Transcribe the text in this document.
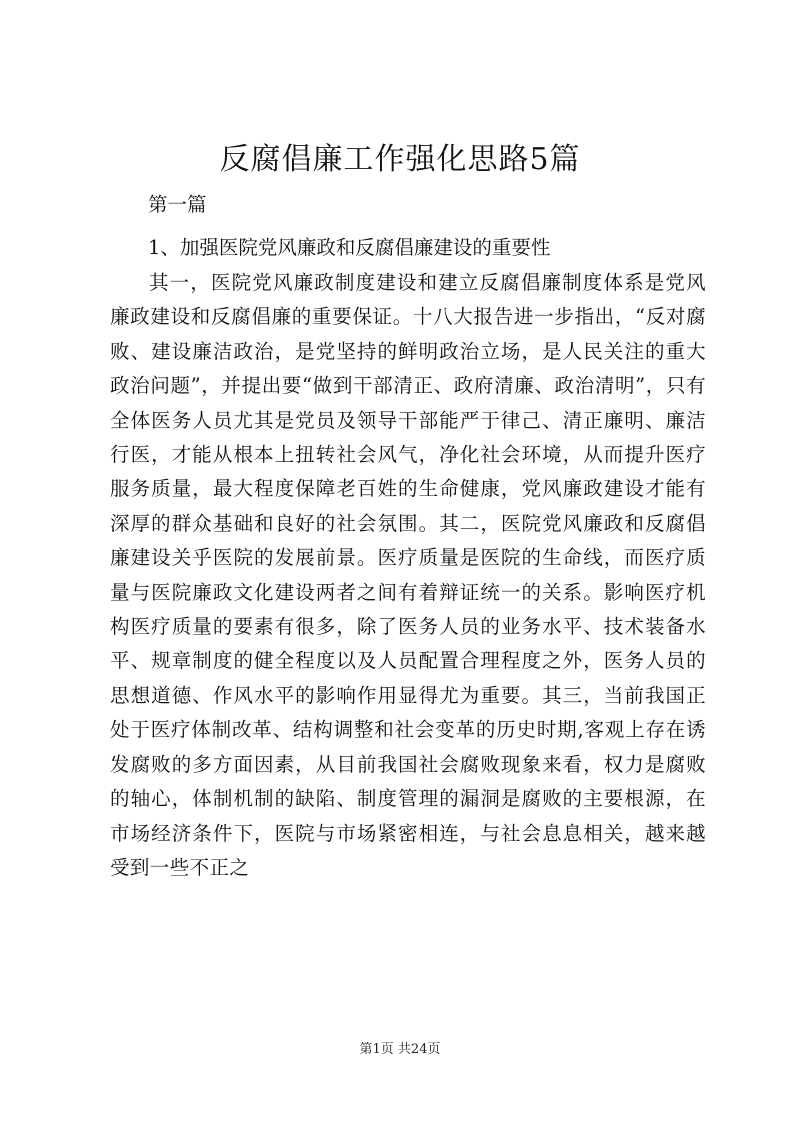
反腐倡廉工作强化思路5篇
第一篇
1、加强医院党风廉政和反腐倡廉建设的重要性

其一，医院党风廉政制度建设和建立反腐倡廉制度体系是党风廉政建设和反腐倡廉的重要保证。十八大报告进一步指出，“反对腐败、建设廉洁政治，是党坚持的鲜明政治立场，是人民关注的重大政治问题”，并提出要“做到干部清正、政府清廉、政治清明”，只有全体医务人员尤其是党员及领导干部能严于律己、清正廉明、廉洁行医，才能从根本上扭转社会风气，净化社会环境，从而提升医疗服务质量，最大程度保障老百姓的生命健康，党风廉政建设才能有深厚的群众基础和良好的社会氛围。其二，医院党风廉政和反腐倡廉建设关乎医院的发展前景。医疗质量是医院的生命线，而医疗质量与医院廉政文化建设两者之间有着辩证统一的关系。影响医疗机构医疗质量的要素有很多，除了医务人员的业务水平、技术装备水平、规章制度的健全程度以及人员配置合理程度之外，医务人员的思想道德、作风水平的影响作用显得尤为重要。其三，当前我国正处于医疗体制改革、结构调整和社会变革的历史时期,客观上存在诱发腐败的多方面因素，从目前我国社会腐败现象来看，权力是腐败的轴心，体制机制的缺陷、制度管理的漏洞是腐败的主要根源，在市场经济条件下，医院与市场紧密相连，与社会息息相关，越来越受到一些不正之

第1页 共24页
